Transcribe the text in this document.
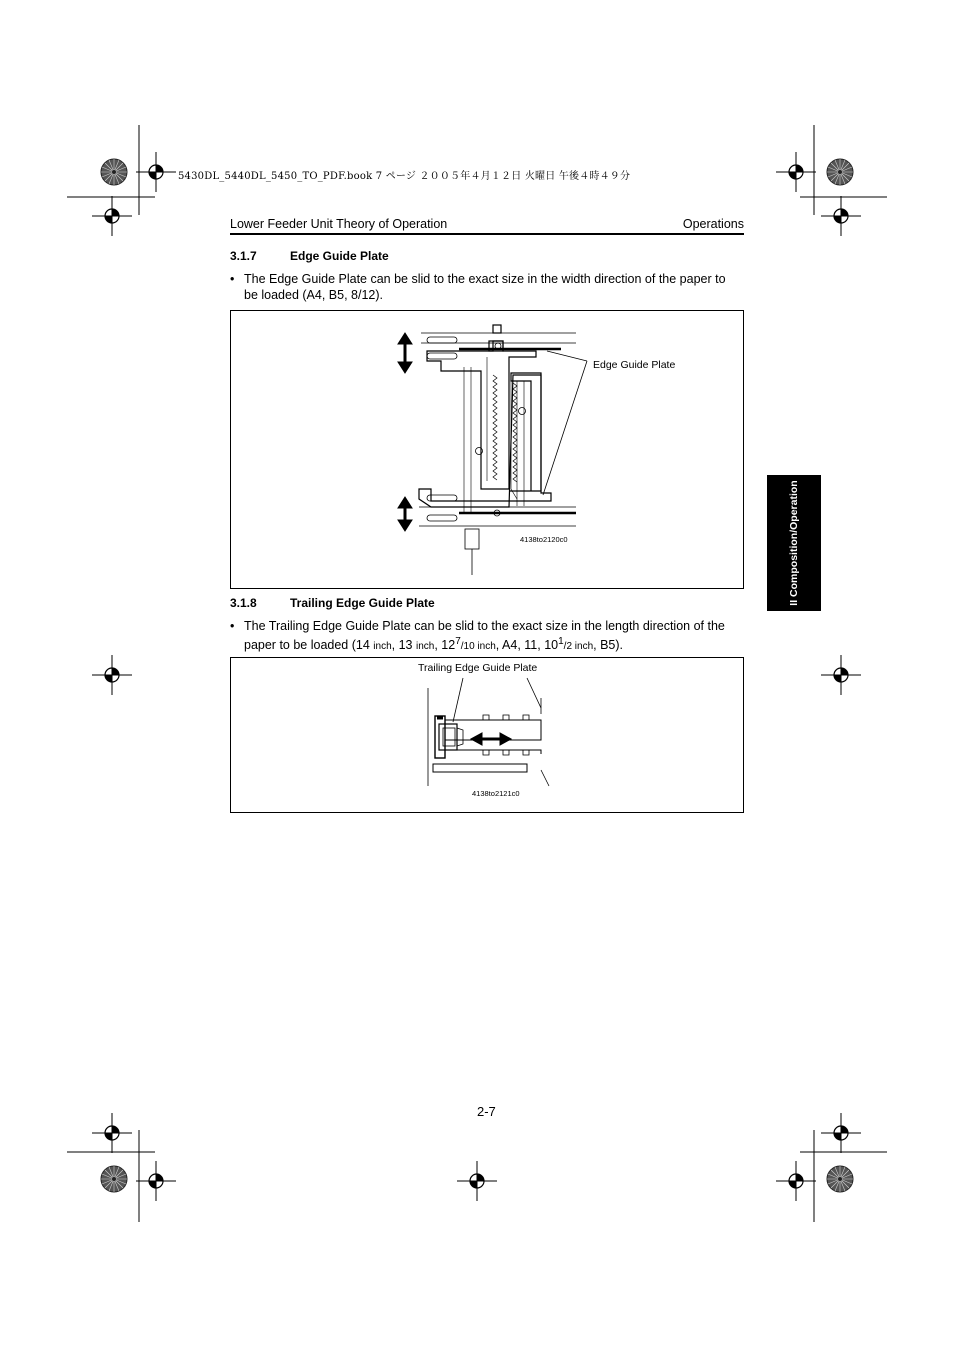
5430DL_5440DL_5450_TO_PDF.book 7 ページ ２００５年４月１２日 火曜日 午後４時４９分
Lower Feeder Unit Theory of Operation	Operations
3.1.7	Edge Guide Plate
• The Edge Guide Plate can be slid to the exact size in the width direction of the paper to be loaded (A4, B5, 8/12).
Edge Guide Plate
4138to2120c0
3.1.8	Trailing Edge Guide Plate
• The Trailing Edge Guide Plate can be slid to the exact size in the length direction of the
paper to be loaded (14 inch, 13 inch, $12^7/10$ inch, A4, 11, $10^1/2$ inch, B5).
Trailing Edge Guide Plate
4138to2121c0
II Composition/Operation
2-7
